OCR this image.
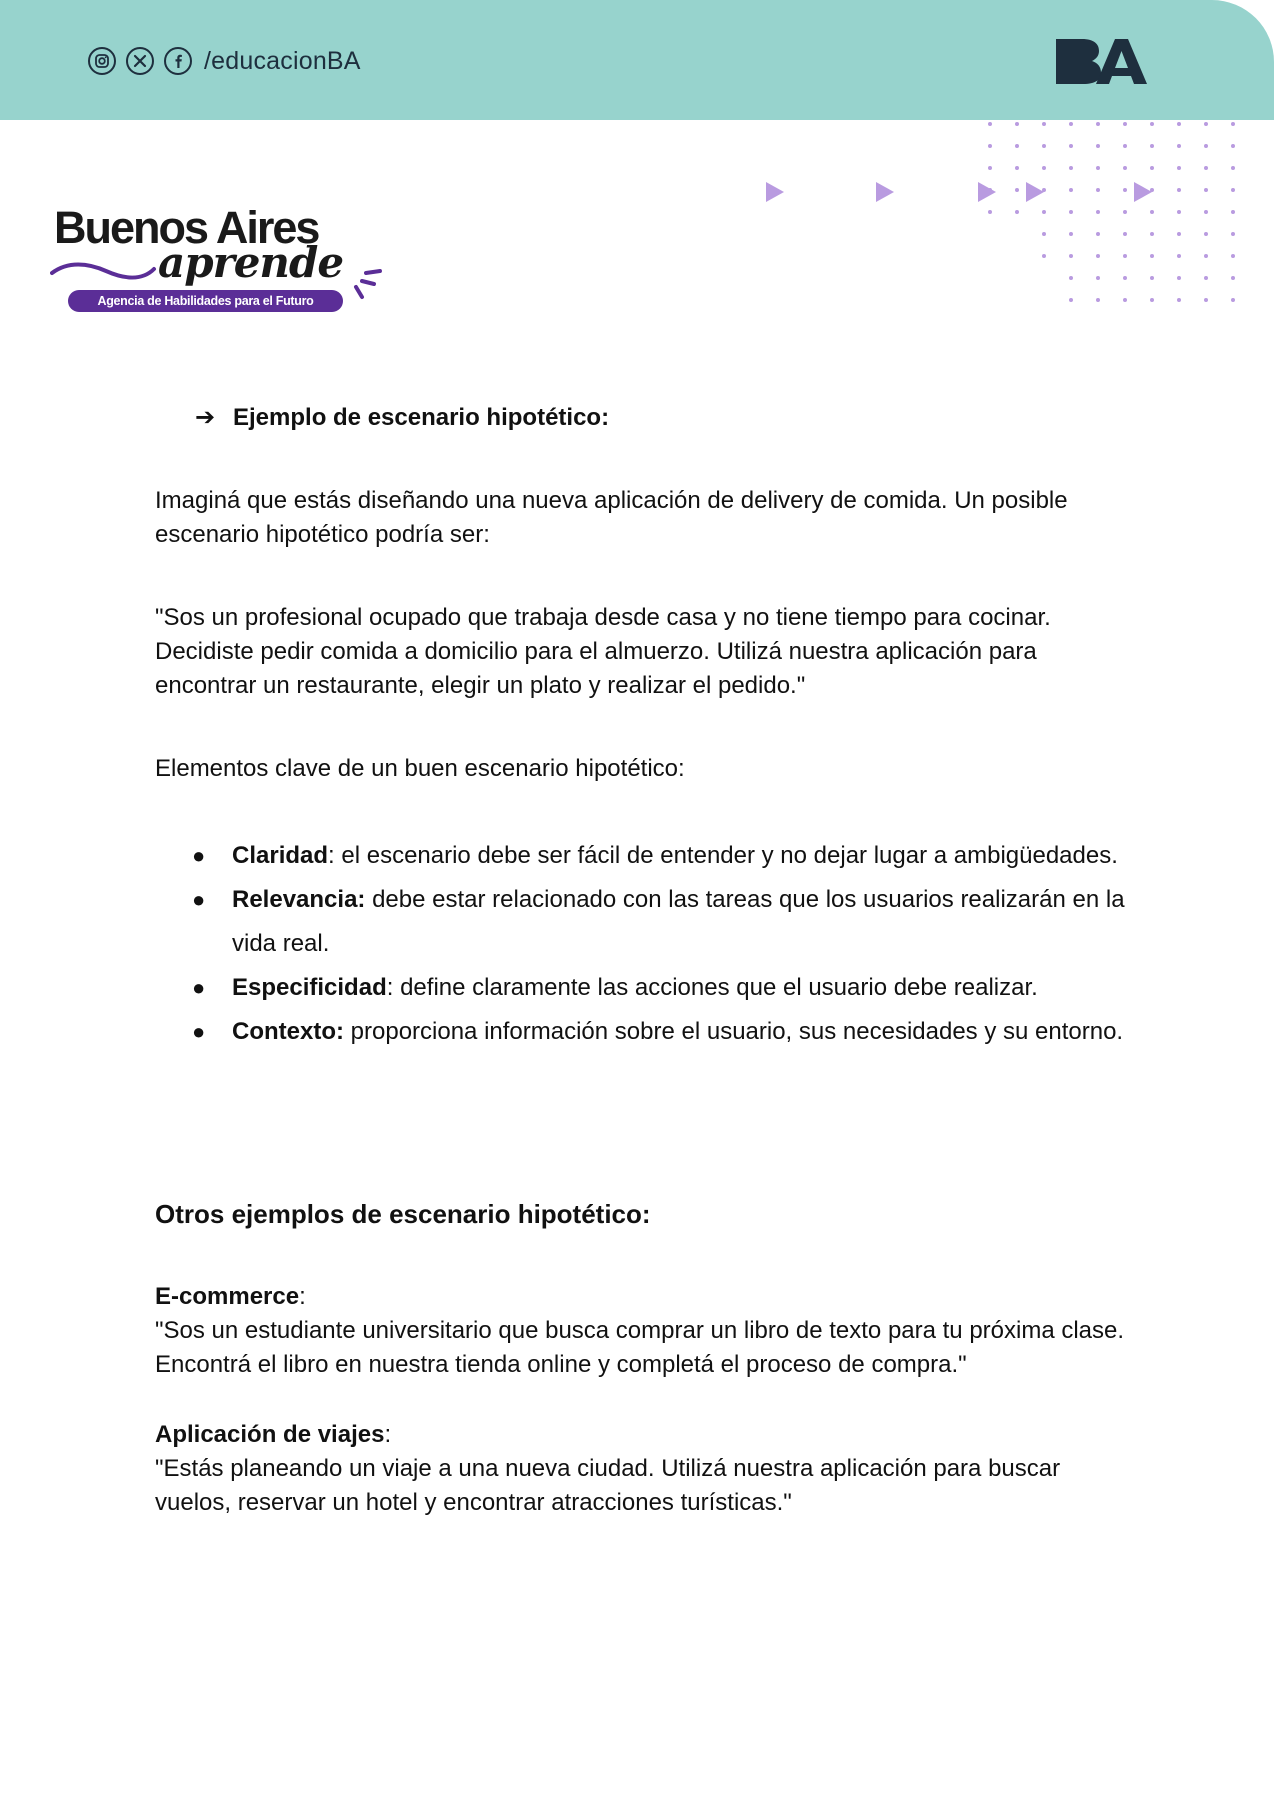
/educacionBA
Buenos Aires
aprende
Agencia de Habilidades para el Futuro
➔ Ejemplo de escenario hipotético:
Imaginá que estás diseñando una nueva aplicación de delivery de comida. Un posible escenario hipotético podría ser:
"Sos un profesional ocupado que trabaja desde casa y no tiene tiempo para cocinar. Decidiste pedir comida a domicilio para el almuerzo. Utilizá nuestra aplicación para encontrar un restaurante, elegir un plato y realizar el pedido."
Elementos clave de un buen escenario hipotético:
● Claridad: el escenario debe ser fácil de entender y no dejar lugar a ambigüedades.
● Relevancia: debe estar relacionado con las tareas que los usuarios realizarán en la vida real.
● Especificidad: define claramente las acciones que el usuario debe realizar.
● Contexto: proporciona información sobre el usuario, sus necesidades y su entorno.
Otros ejemplos de escenario hipotético:
E-commerce:
"Sos un estudiante universitario que busca comprar un libro de texto para tu próxima clase. Encontrá el libro en nuestra tienda online y completá el proceso de compra."
Aplicación de viajes:
"Estás planeando un viaje a una nueva ciudad. Utilizá nuestra aplicación para buscar vuelos, reservar un hotel y encontrar atracciones turísticas."
